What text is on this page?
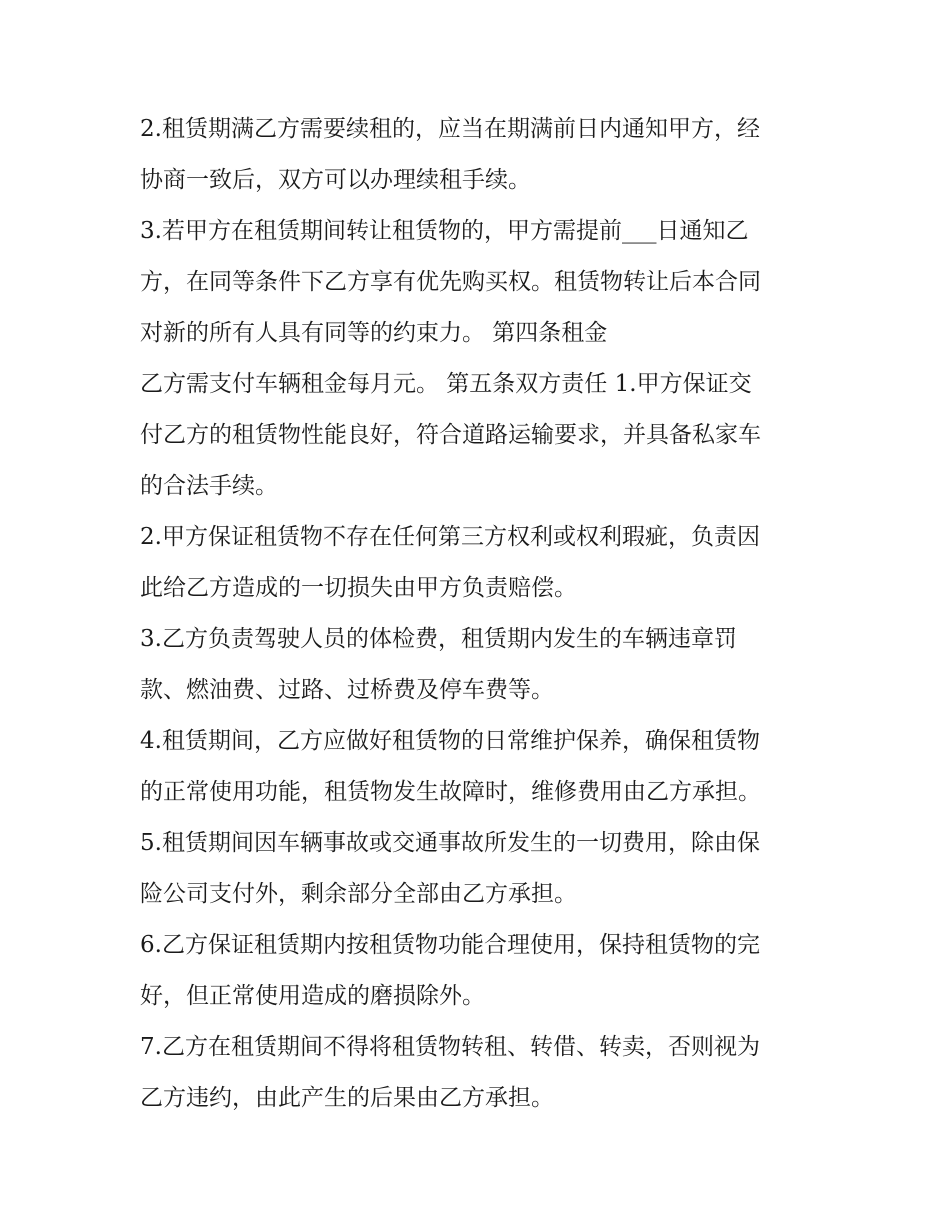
2.租赁期满乙方需要续租的，应当在期满前日内通知甲方，经
协商一致后，双方可以办理续租手续。
3.若甲方在租赁期间转让租赁物的，甲方需提前___日通知乙
方，在同等条件下乙方享有优先购买权。租赁物转让后本合同
对新的所有人具有同等的约束力。 第四条租金
乙方需支付车辆租金每月元。 第五条双方责任 1.甲方保证交
付乙方的租赁物性能良好，符合道路运输要求，并具备私家车
的合法手续。
2.甲方保证租赁物不存在任何第三方权利或权利瑕疵，负责因
此给乙方造成的一切损失由甲方负责赔偿。
3.乙方负责驾驶人员的体检费，租赁期内发生的车辆违章罚
款、燃油费、过路、过桥费及停车费等。
4.租赁期间，乙方应做好租赁物的日常维护保养，确保租赁物
的正常使用功能，租赁物发生故障时，维修费用由乙方承担。
5.租赁期间因车辆事故或交通事故所发生的一切费用，除由保
险公司支付外，剩余部分全部由乙方承担。
6.乙方保证租赁期内按租赁物功能合理使用，保持租赁物的完
好，但正常使用造成的磨损除外。
7.乙方在租赁期间不得将租赁物转租、转借、转卖，否则视为
乙方违约，由此产生的后果由乙方承担。
